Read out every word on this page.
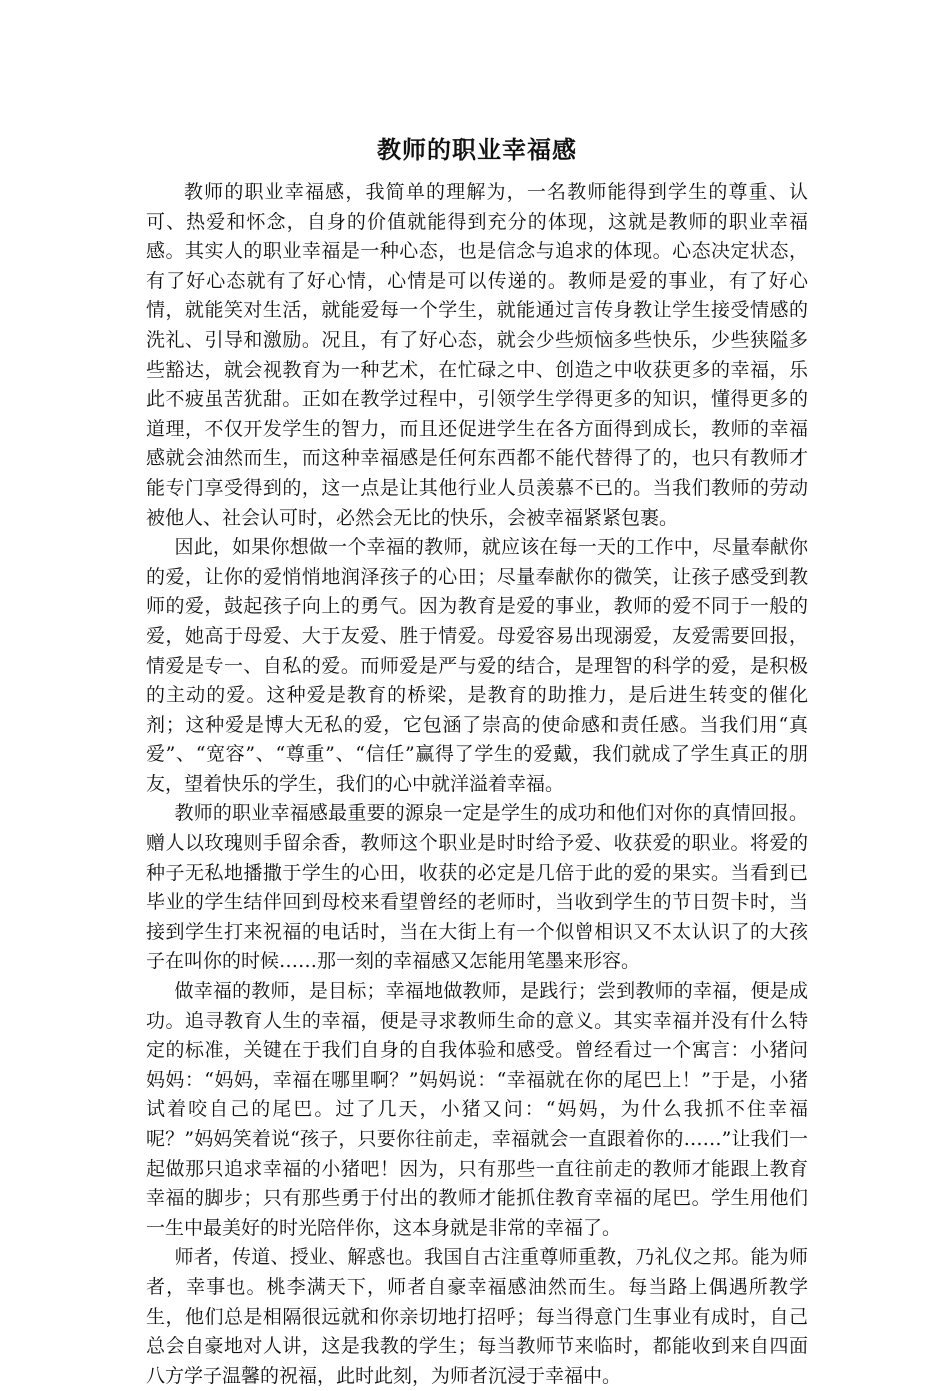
教师的职业幸福感

教师的职业幸福感，我简单的理解为，一名教师能得到学生的尊重、认可、热爱和怀念，自身的价值就能得到充分的体现，这就是教师的职业幸福感。其实人的职业幸福是一种心态，也是信念与追求的体现。心态决定状态，有了好心态就有了好心情，心情是可以传递的。教师是爱的事业，有了好心情，就能笑对生活，就能爱每一个学生，就能通过言传身教让学生接受情感的洗礼、引导和激励。况且，有了好心态，就会少些烦恼多些快乐，少些狭隘多些豁达，就会视教育为一种艺术，在忙碌之中、创造之中收获更多的幸福，乐此不疲虽苦犹甜。正如在教学过程中，引领学生学得更多的知识，懂得更多的道理，不仅开发学生的智力，而且还促进学生在各方面得到成长，教师的幸福感就会油然而生，而这种幸福感是任何东西都不能代替得了的，也只有教师才能专门享受得到的，这一点是让其他行业人员羡慕不已的。当我们教师的劳动被他人、社会认可时，必然会无比的快乐，会被幸福紧紧包裹。

因此，如果你想做一个幸福的教师，就应该在每一天的工作中，尽量奉献你的爱，让你的爱悄悄地润泽孩子的心田；尽量奉献你的微笑，让孩子感受到教师的爱，鼓起孩子向上的勇气。因为教育是爱的事业，教师的爱不同于一般的爱，她高于母爱、大于友爱、胜于情爱。母爱容易出现溺爱，友爱需要回报，情爱是专一、自私的爱。而师爱是严与爱的结合，是理智的科学的爱，是积极的主动的爱。这种爱是教育的桥梁，是教育的助推力，是后进生转变的催化剂；这种爱是博大无私的爱，它包涵了崇高的使命感和责任感。当我们用“真爱”、“宽容”、“尊重”、“信任”赢得了学生的爱戴，我们就成了学生真正的朋友，望着快乐的学生，我们的心中就洋溢着幸福。

教师的职业幸福感最重要的源泉一定是学生的成功和他们对你的真情回报。赠人以玫瑰则手留余香，教师这个职业是时时给予爱、收获爱的职业。将爱的种子无私地播撒于学生的心田，收获的必定是几倍于此的爱的果实。当看到已毕业的学生结伴回到母校来看望曾经的老师时，当收到学生的节日贺卡时，当接到学生打来祝福的电话时，当在大街上有一个似曾相识又不太认识了的大孩子在叫你的时候……那一刻的幸福感又怎能用笔墨来形容。

做幸福的教师，是目标；幸福地做教师，是践行；尝到教师的幸福，便是成功。追寻教育人生的幸福，便是寻求教师生命的意义。其实幸福并没有什么特定的标准，关键在于我们自身的自我体验和感受。曾经看过一个寓言：小猪问妈妈：“妈妈，幸福在哪里啊？”妈妈说：“幸福就在你的尾巴上！”于是，小猪试着咬自己的尾巴。过了几天，小猪又问：“妈妈，为什么我抓不住幸福呢？”妈妈笑着说“孩子，只要你往前走，幸福就会一直跟着你的……”让我们一起做那只追求幸福的小猪吧！因为，只有那些一直往前走的教师才能跟上教育幸福的脚步；只有那些勇于付出的教师才能抓住教育幸福的尾巴。学生用他们一生中最美好的时光陪伴你，这本身就是非常的幸福了。

师者，传道、授业、解惑也。我国自古注重尊师重教，乃礼仪之邦。能为师者，幸事也。桃李满天下，师者自豪幸福感油然而生。每当路上偶遇所教学生，他们总是相隔很远就和你亲切地打招呼；每当得意门生事业有成时，自己总会自豪地对人讲，这是我教的学生；每当教师节来临时，都能收到来自四面八方学子温馨的祝福，此时此刻，为师者沉浸于幸福中。
